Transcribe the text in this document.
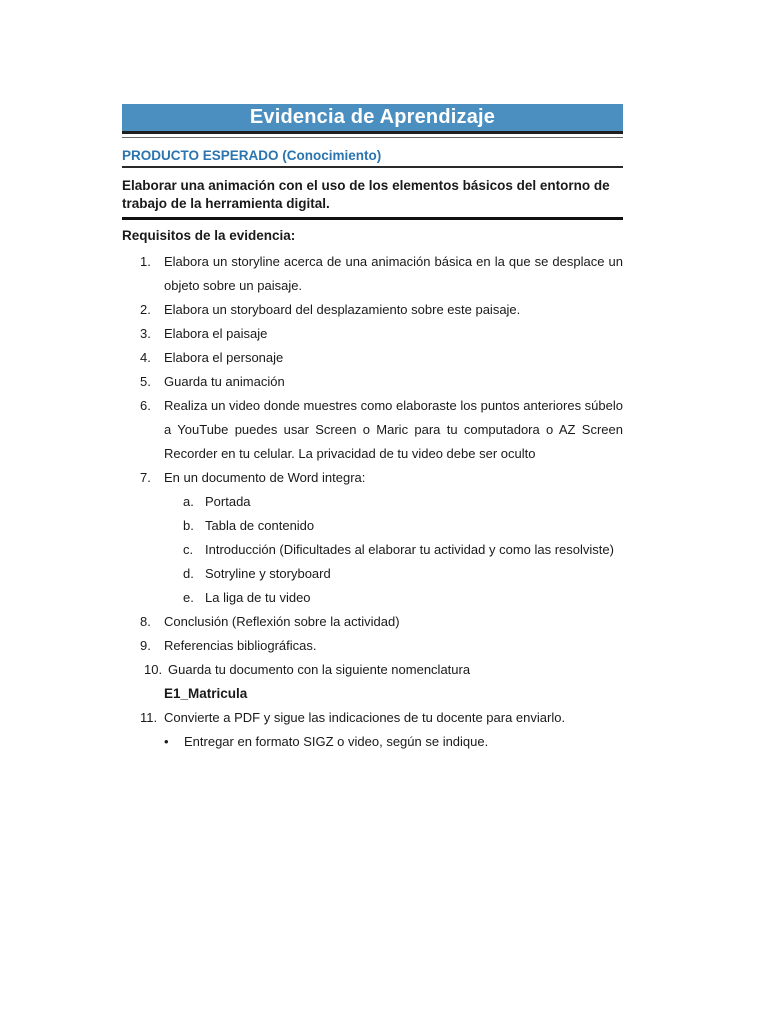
Evidencia de Aprendizaje
PRODUCTO ESPERADO (Conocimiento)
Elaborar una animación con el uso de los elementos básicos del entorno de trabajo de la herramienta digital.
Requisitos de la evidencia:
1. Elabora un storyline acerca de una animación básica en la que se desplace un objeto sobre un paisaje.
2. Elabora un storyboard del desplazamiento sobre este paisaje.
3. Elabora el paisaje
4. Elabora el personaje
5. Guarda tu animación
6. Realiza un video donde muestres como elaboraste los puntos anteriores súbelo a YouTube puedes usar Screen o Maric para tu computadora o AZ Screen Recorder en tu celular. La privacidad de tu video debe ser oculto
7. En un documento de Word integra:
a. Portada
b. Tabla de contenido
c. Introducción (Dificultades al elaborar tu actividad y como las resolviste)
d. Sotryline y storyboard
e. La liga de tu video
8. Conclusión (Reflexión sobre la actividad)
9. Referencias bibliográficas.
10. Guarda tu documento con la siguiente nomenclatura
E1_Matricula
11. Convierte a PDF y sigue las indicaciones de tu docente para enviarlo.
• Entregar en formato SIGZ o video, según se indique.
